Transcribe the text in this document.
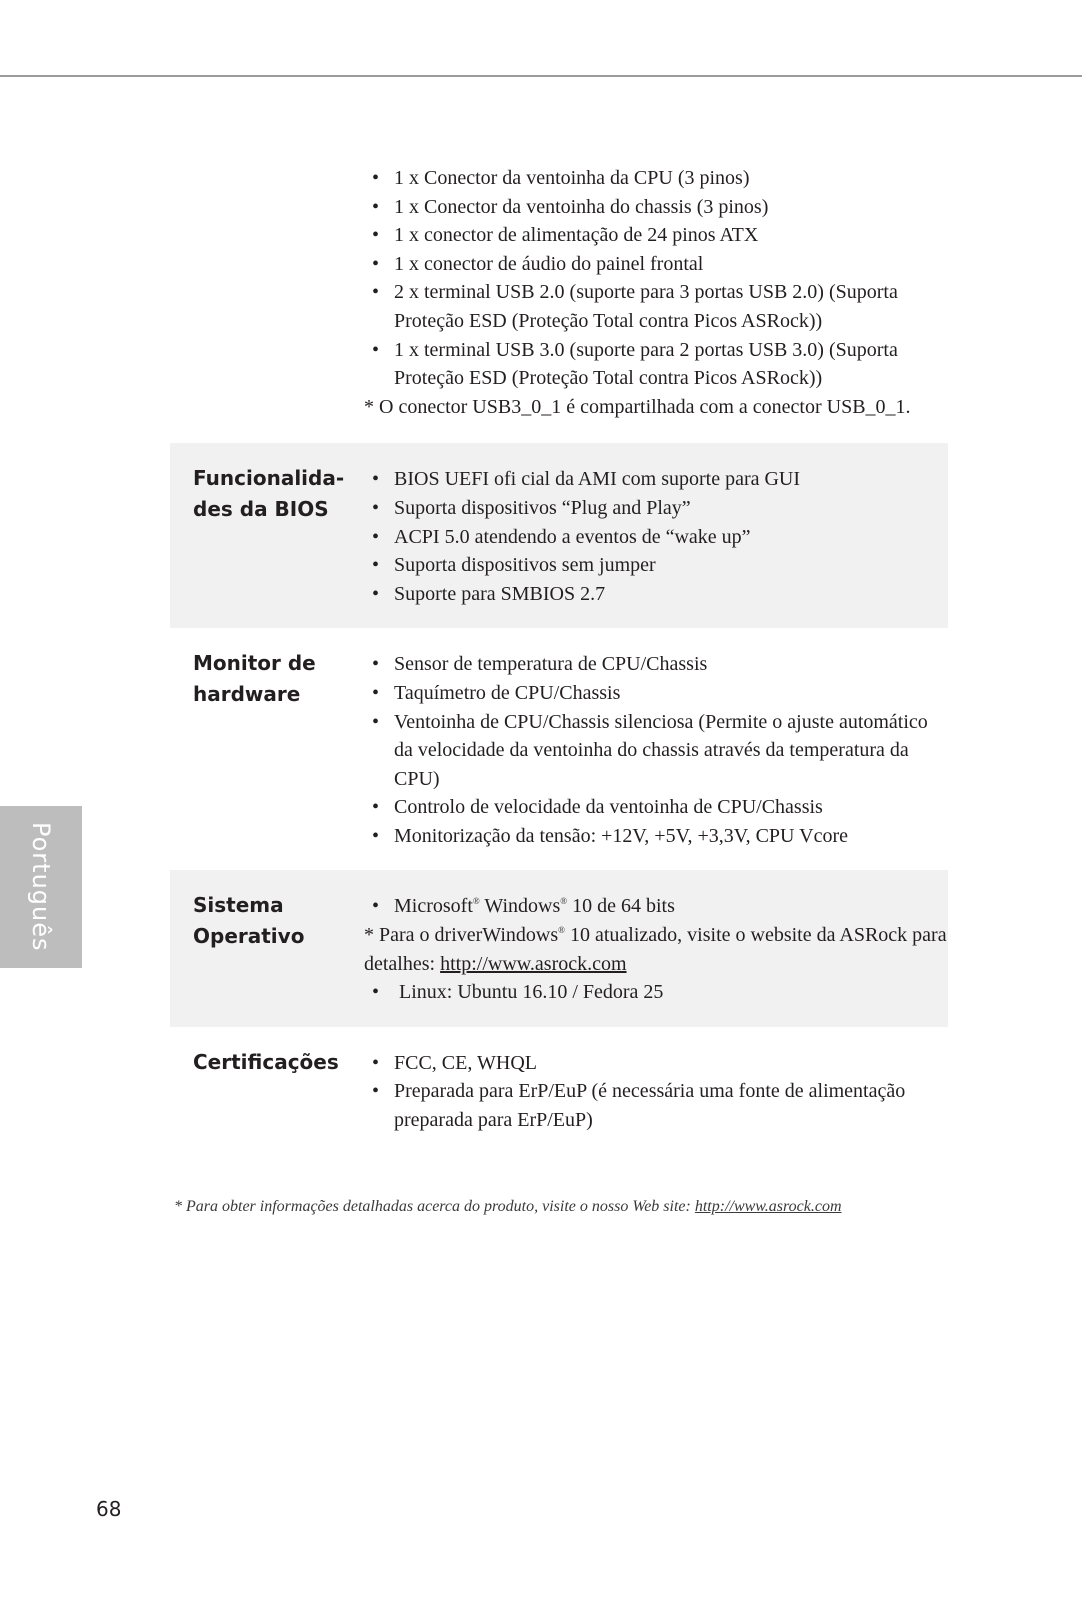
• 1 x Conector da ventoinha da CPU (3 pinos)
• 1 x Conector da ventoinha do chassis (3 pinos)
• 1 x conector de alimentação de 24 pinos ATX
• 1 x conector de áudio do painel frontal
• 2 x terminal USB 2.0 (suporte para 3 portas USB 2.0) (Suporta Proteção ESD (Proteção Total contra Picos ASRock))
• 1 x terminal USB 3.0 (suporte para 2 portas USB 3.0) (Suporta Proteção ESD (Proteção Total contra Picos ASRock))
* O conector USB3_0_1 é compartilhada com a conector USB_0_1.
Funcionalida-
des da BIOS
• BIOS UEFI ofi cial da AMI com suporte para GUI
• Suporta dispositivos “Plug and Play”
• ACPI 5.0 atendendo a eventos de “wake up”
• Suporta dispositivos sem jumper
• Suporte para SMBIOS 2.7
Monitor de
hardware
• Sensor de temperatura de CPU/Chassis
• Taquímetro de CPU/Chassis
• Ventoinha de CPU/Chassis silenciosa (Permite o ajuste automático da velocidade da ventoinha do chassis através da temperatura da CPU)
• Controlo de velocidade da ventoinha de CPU/Chassis
• Monitorização da tensão: +12V, +5V, +3,3V, CPU Vcore
Sistema
Operativo
• Microsoft® Windows® 10 de 64 bits
* Para o driverWindows® 10 atualizado, visite o website da ASRock para detalhes: http://www.asrock.com
• Linux: Ubuntu 16.10 / Fedora 25
Certificações
•	FCC, CE, WHQL
• Preparada para ErP/EuP (é necessária uma fonte de alimentação preparada para ErP/EuP)
* Para obter informações detalhadas acerca do produto, visite o nosso Web site: http://www.asrock.com
Português
68
